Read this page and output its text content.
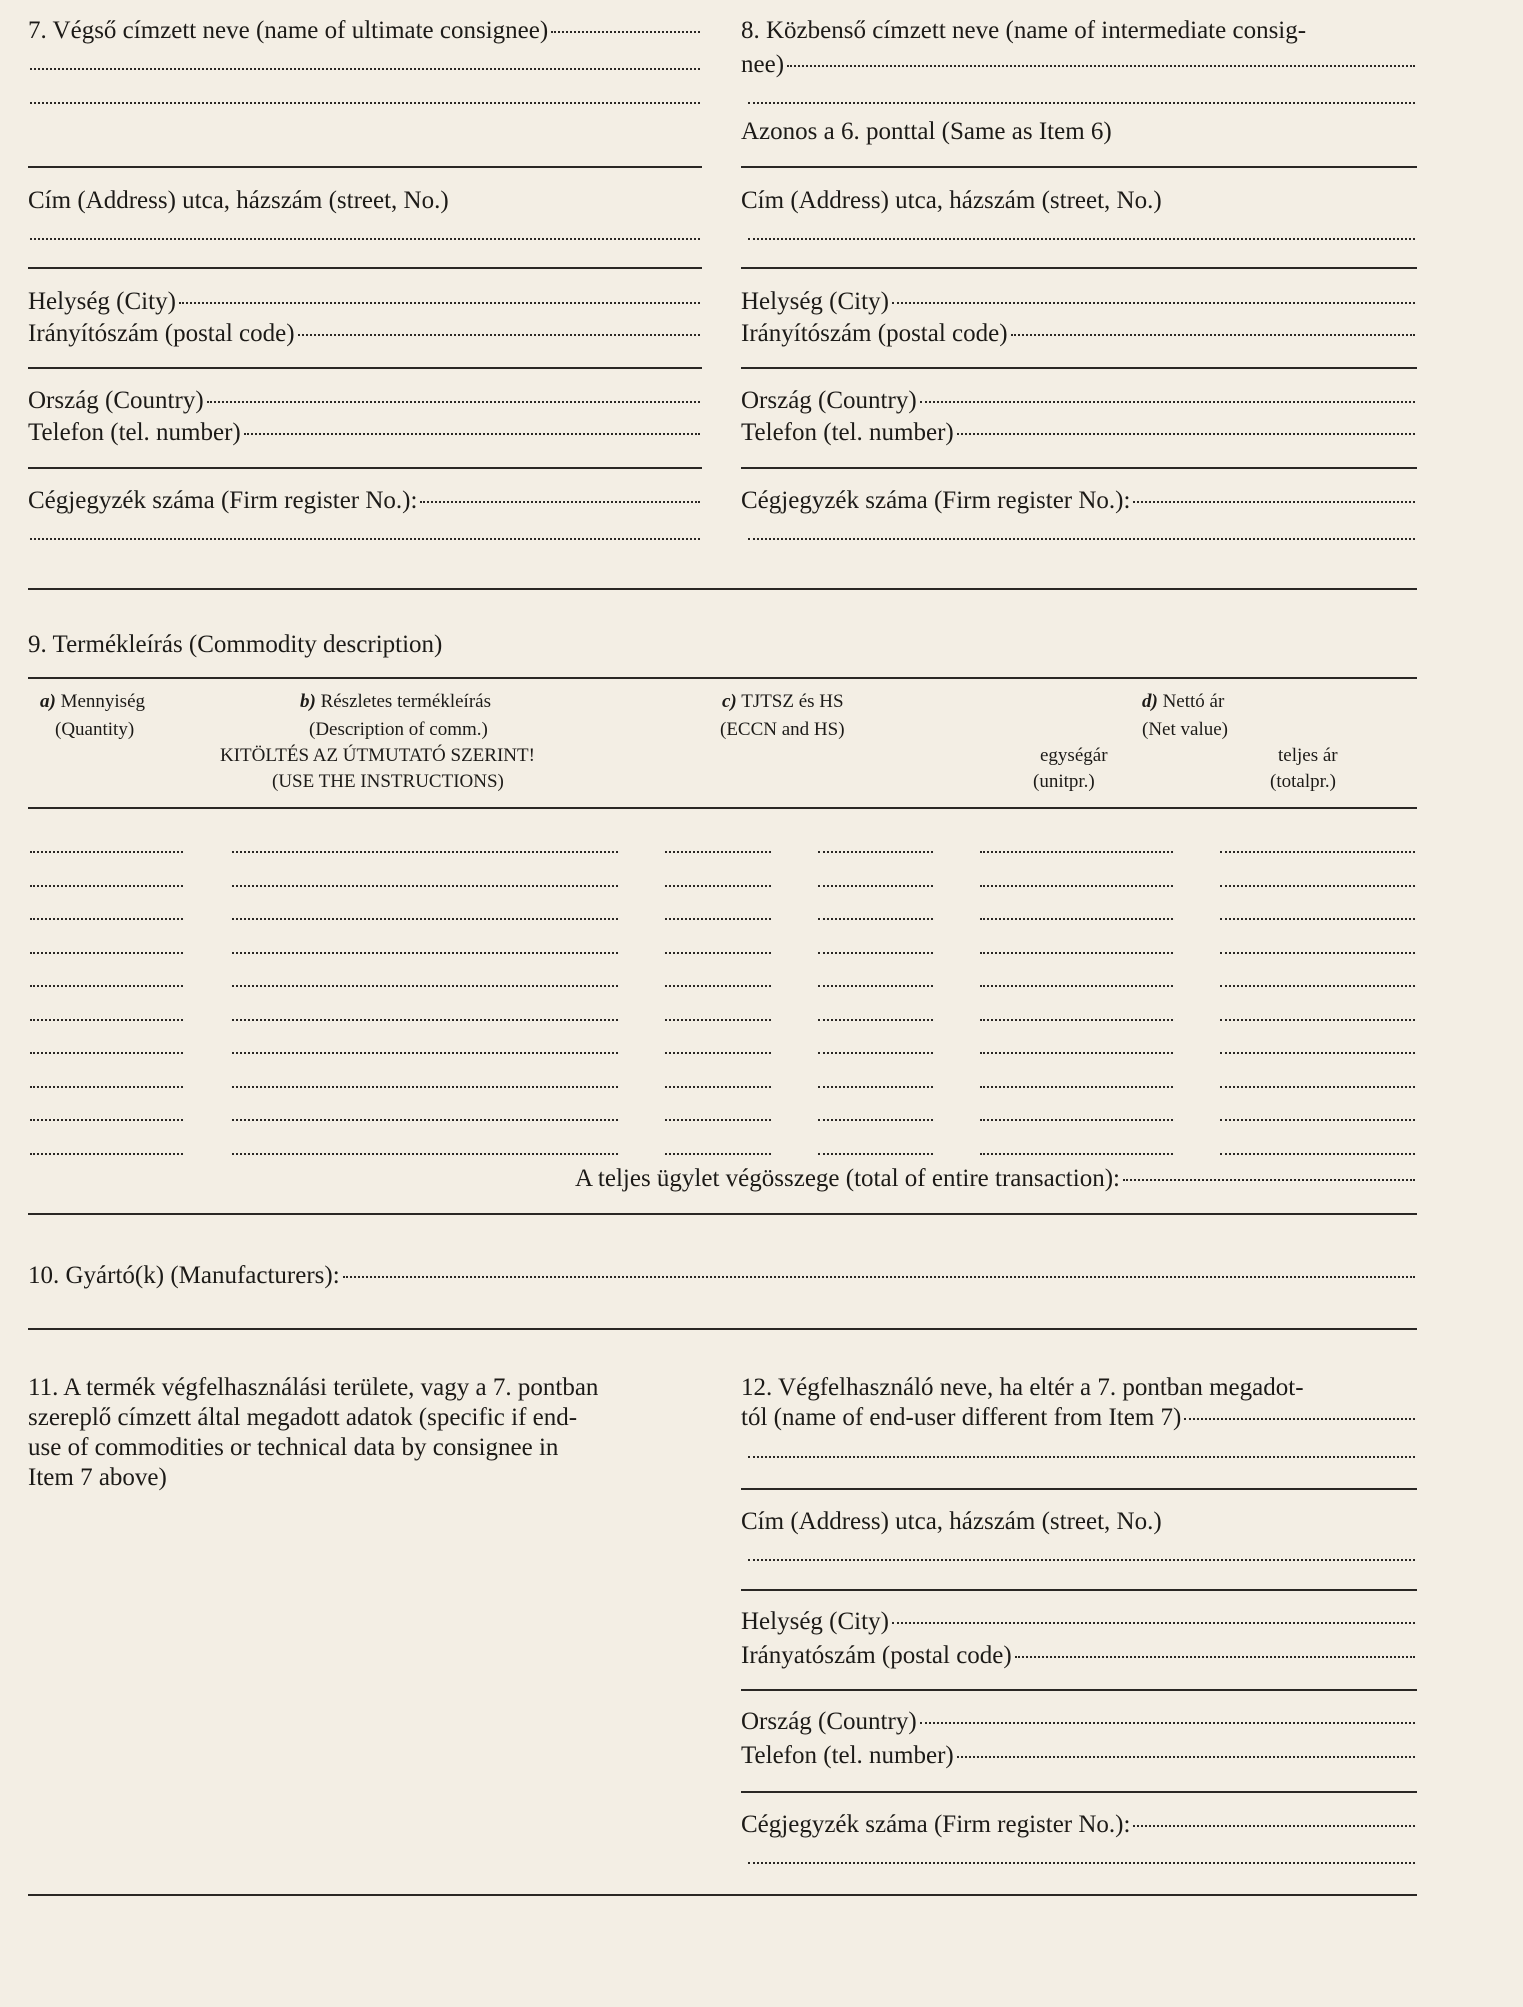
7. Végső címzett neve (name of ultimate consignee)
Cím (Address) utca, házszám (street, No.)
Helység (City)
Irányítószám (postal code)
Ország (Country)
Telefon (tel. number)
Cégjegyzék száma (Firm register No.):
8. Közbenső címzett neve (name of intermediate consig-
nee)
Azonos a 6. ponttal (Same as Item 6)
Cím (Address) utca, házszám (street, No.)
Helység (City)
Irányítószám (postal code)
Ország (Country)
Telefon (tel. number)
Cégjegyzék száma (Firm register No.):
9. Termékleírás (Commodity description)
a) Mennyiség
(Quantity)
b) Részletes termékleírás
(Description of comm.)
KITÖLTÉS AZ ÚTMUTATÓ SZERINT!
(USE THE INSTRUCTIONS)
c) TJTSZ és HS
(ECCN and HS)
d) Nettó ár
(Net value)
egységár
(unitpr.)
teljes ár
(totalpr.)
A teljes ügylet végösszege (total of entire transaction):
10. Gyártó(k) (Manufacturers):
11. A termék végfelhasználási területe, vagy a 7. pontban
szereplő címzett által megadott adatok (specific if end-
use of commodities or technical data by consignee in
Item 7 above)
12. Végfelhasználó neve, ha eltér a 7. pontban megadot-
tól (name of end-user different from Item 7)
Cím (Address) utca, házszám (street, No.)
Helység (City)
Irányatószám (postal code)
Ország (Country)
Telefon (tel. number)
Cégjegyzék száma (Firm register No.):
